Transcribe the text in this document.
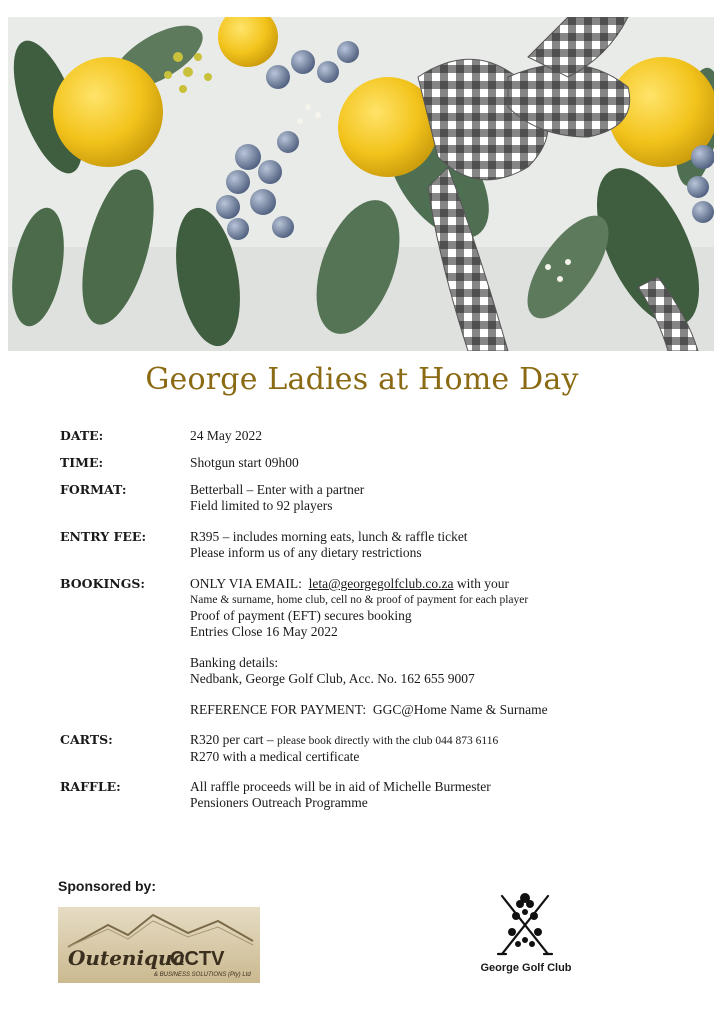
George Ladies at Home Day
DATE:	24 May 2022
TIME:	Shotgun start 09h00
FORMAT:	Betterball – Enter with a partner
Field limited to 92 players
ENTRY FEE:	R395 – includes morning eats, lunch & raffle ticket
Please inform us of any dietary restrictions
BOOKINGS:	ONLY VIA EMAIL:  leta@georgegolfclub.co.za with your
Name & surname, home club, cell no & proof of payment for each player
Proof of payment (EFT) secures booking
Entries Close 16 May 2022
Banking details:
Nedbank, George Golf Club, Acc. No. 162 655 9007
REFERENCE FOR PAYMENT:  GGC@Home Name & Surname
CARTS:	R320 per cart – please book directly with the club 044 873 6116
R270 with a medical certificate
RAFFLE:	All raffle proceeds will be in aid of Michelle Burmester
Pensioners Outreach Programme
Sponsored by:
Outeniqua
CCTV
& BUSINESS SOLUTIONS (Pty) Ltd
George Golf Club
